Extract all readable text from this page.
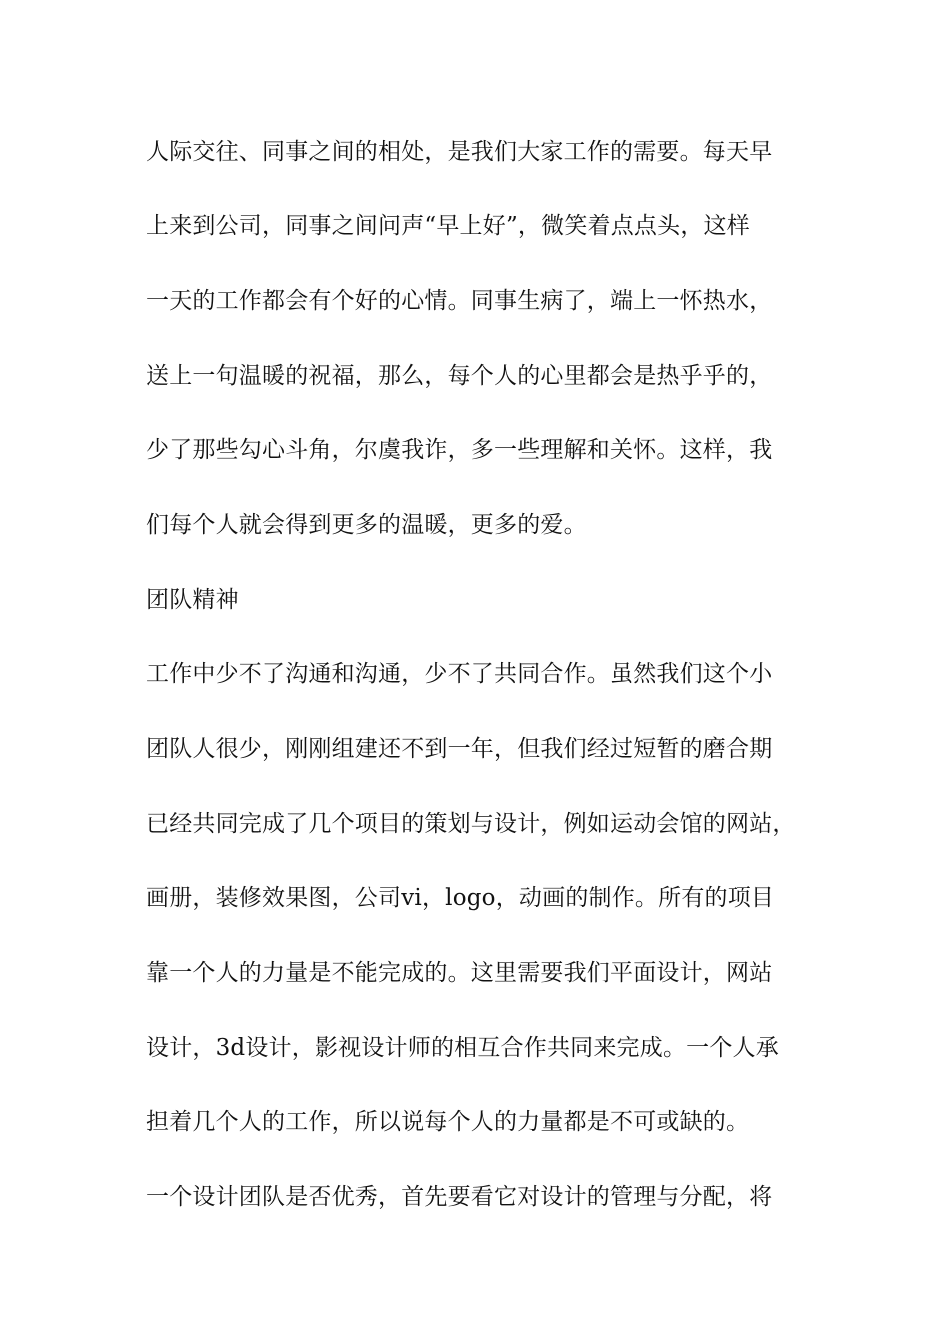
人际交往、同事之间的相处，是我们大家工作的需要。每天早
上来到公司，同事之间问声“早上好”，微笑着点点头，这样
一天的工作都会有个好的心情。同事生病了，端上一怀热水，
送上一句温暖的祝福，那么，每个人的心里都会是热乎乎的，
少了那些勾心斗角，尔虞我诈，多一些理解和关怀。这样，我
们每个人就会得到更多的温暖，更多的爱。
团队精神
工作中少不了沟通和沟通，少不了共同合作。虽然我们这个小
团队人很少，刚刚组建还不到一年，但我们经过短暂的磨合期
已经共同完成了几个项目的策划与设计，例如运动会馆的网站，
画册，装修效果图，公司vi，logo，动画的制作。所有的项目
靠一个人的力量是不能完成的。这里需要我们平面设计，网站
设计，3d设计，影视设计师的相互合作共同来完成。一个人承
担着几个人的工作，所以说每个人的力量都是不可或缺的。
一个设计团队是否优秀，首先要看它对设计的管理与分配，将
